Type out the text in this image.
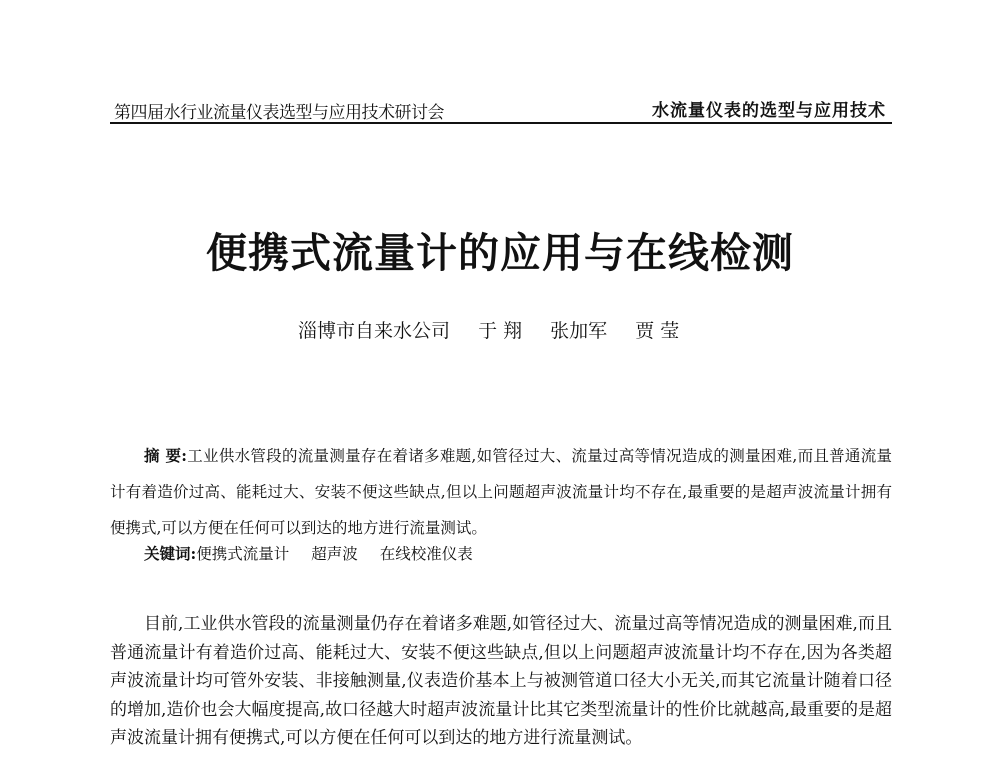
第四届水行业流量仪表选型与应用技术研讨会	水流量仪表的选型与应用技术
便携式流量计的应用与在线检测
淄博市自来水公司 于 翔 张加军 贾 莹
摘 要:工业供水管段的流量测量存在着诸多难题,如管径过大、流量过高等情况造成的测量困难,而且普通流量计有着造价过高、能耗过大、安装不便这些缺点,但以上问题超声波流量计均不存在,最重要的是超声波流量计拥有便携式,可以方便在任何可以到达的地方进行流量测试。
关键词:便携式流量计 超声波 在线校准仪表
目前,工业供水管段的流量测量仍存在着诸多难题,如管径过大、流量过高等情况造成的测量困难,而且普通流量计有着造价过高、能耗过大、安装不便这些缺点,但以上问题超声波流量计均不存在,因为各类超声波流量计均可管外安装、非接触测量,仪表造价基本上与被测管道口径大小无关,而其它流量计随着口径的增加,造价也会大幅度提高,故口径越大时超声波流量计比其它类型流量计的性价比就越高,最重要的是超声波流量计拥有便携式,可以方便在任何可以到达的地方进行流量测试。
